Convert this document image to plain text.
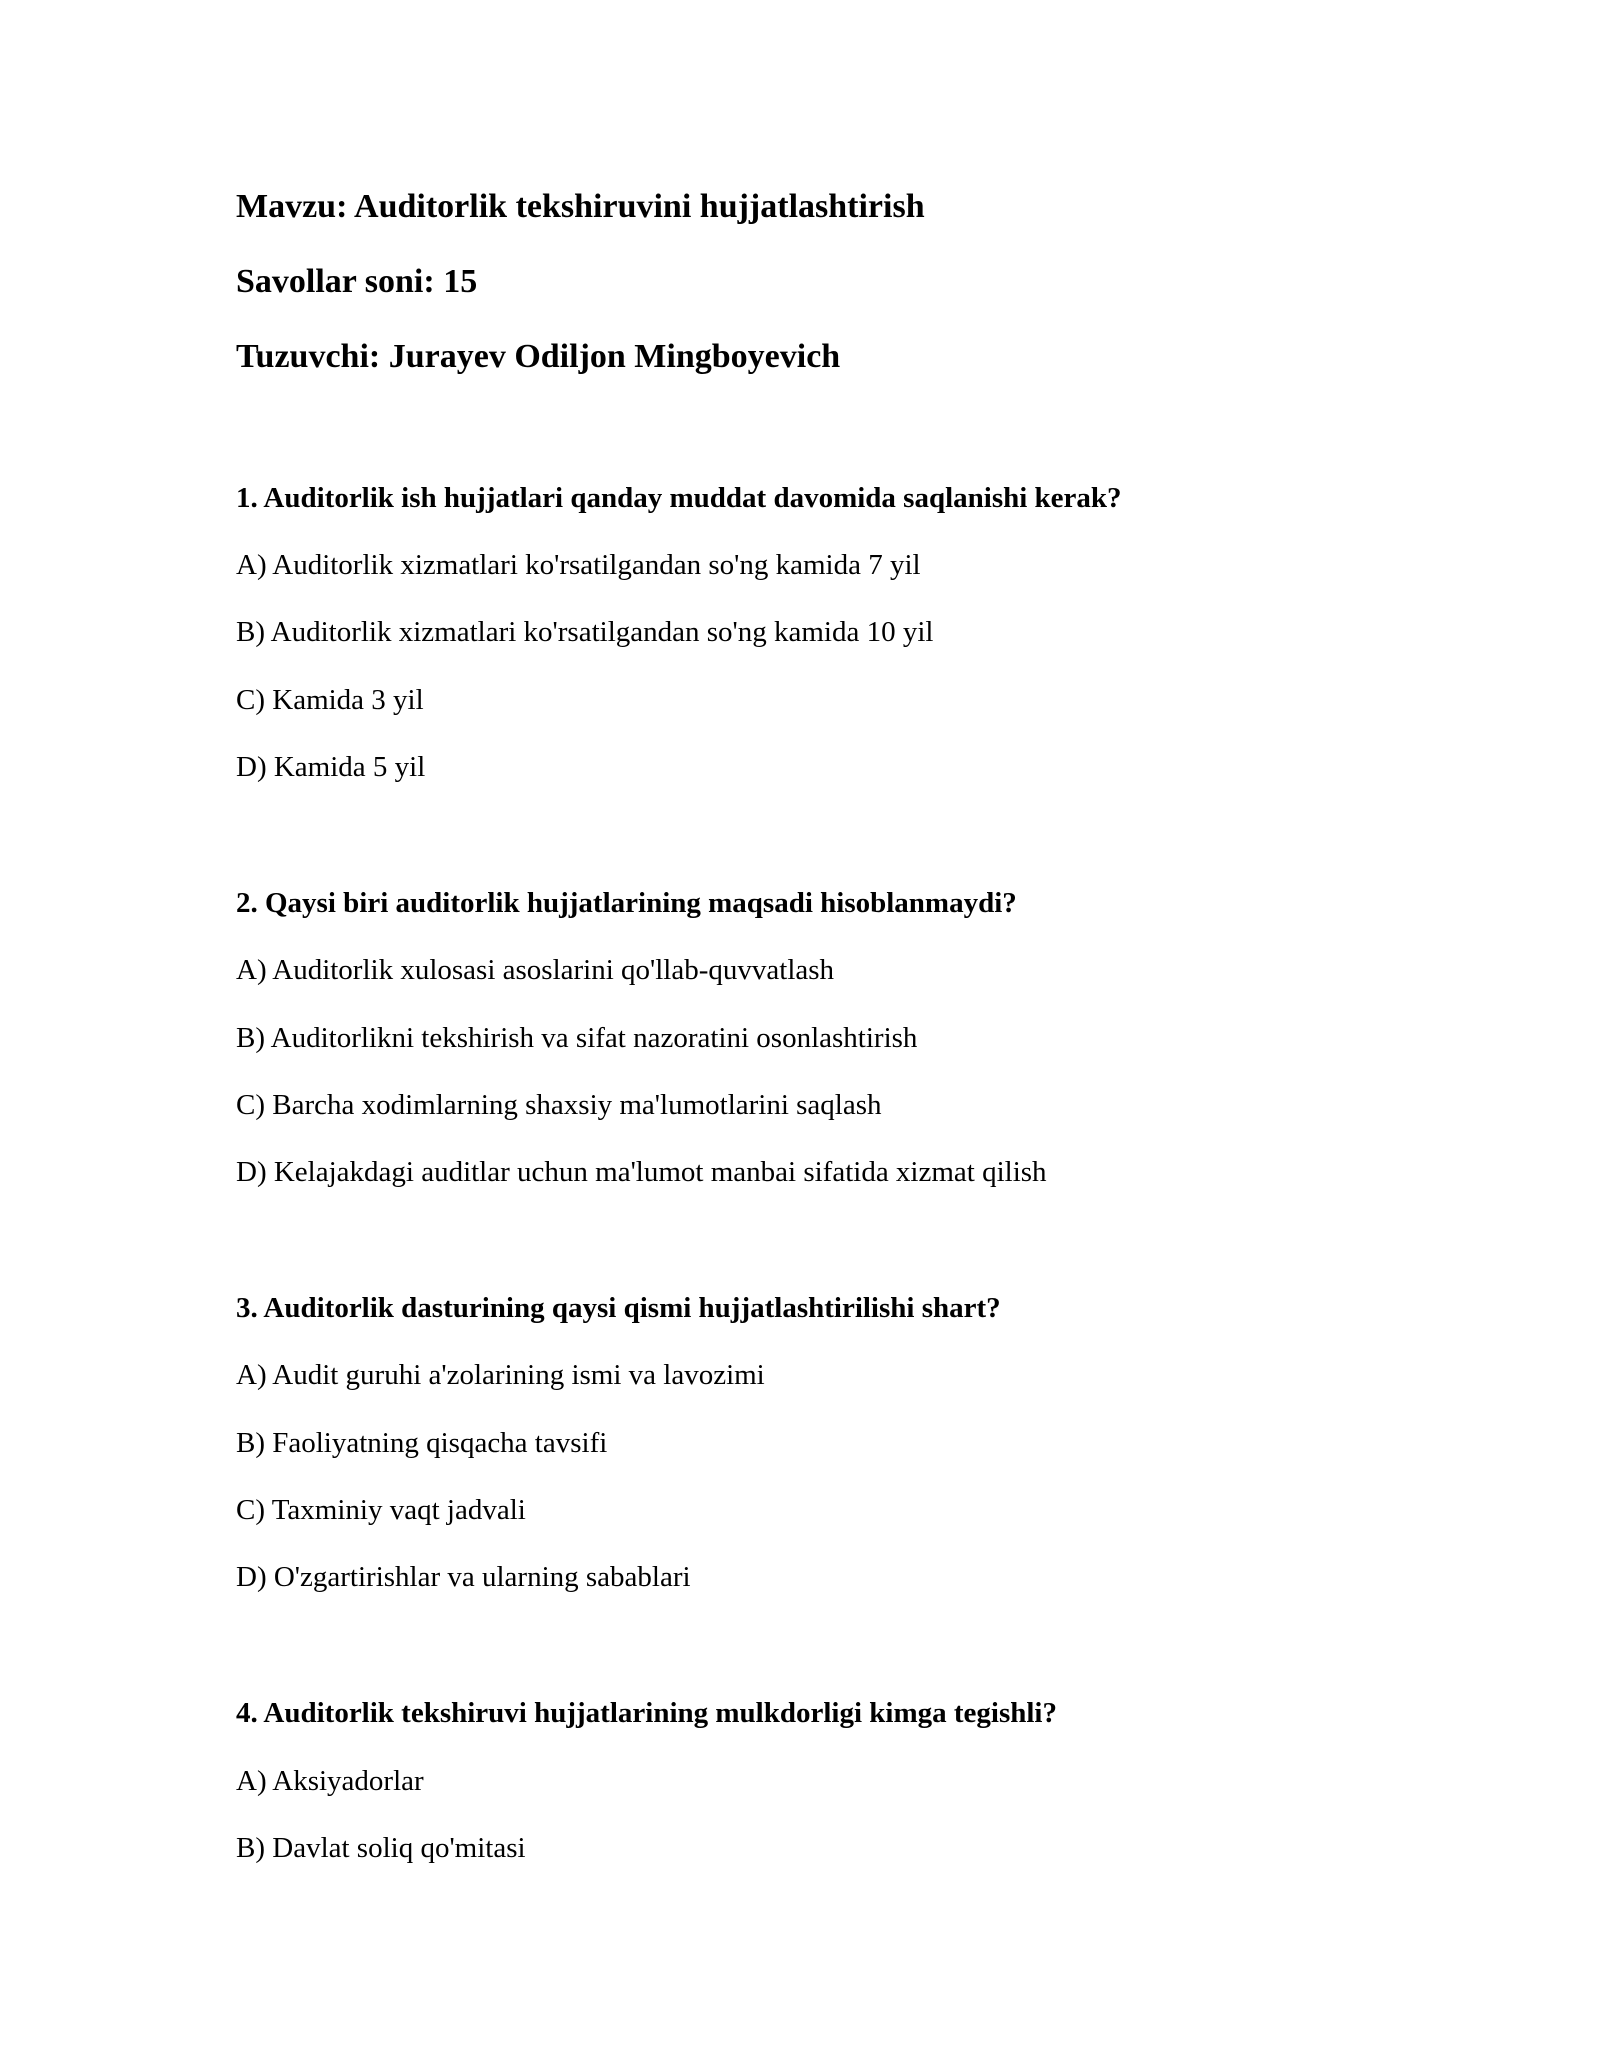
Mavzu: Auditorlik tekshiruvini hujjatlashtirish
Savollar soni: 15
Tuzuvchi: Jurayev Odiljon Mingboyevich
1. Auditorlik ish hujjatlari qanday muddat davomida saqlanishi kerak?
A) Auditorlik xizmatlari ko'rsatilgandan so'ng kamida 7 yil
B) Auditorlik xizmatlari ko'rsatilgandan so'ng kamida 10 yil
C) Kamida 3 yil
D) Kamida 5 yil
2. Qaysi biri auditorlik hujjatlarining maqsadi hisoblanmaydi?
A) Auditorlik xulosasi asoslarini qo'llab-quvvatlash
B) Auditorlikni tekshirish va sifat nazoratini osonlashtirish
C) Barcha xodimlarning shaxsiy ma'lumotlarini saqlash
D) Kelajakdagi auditlar uchun ma'lumot manbai sifatida xizmat qilish
3. Auditorlik dasturining qaysi qismi hujjatlashtirilishi shart?
A) Audit guruhi a'zolarining ismi va lavozimi
B) Faoliyatning qisqacha tavsifi
C) Taxminiy vaqt jadvali
D) O'zgartirishlar va ularning sabablari
4. Auditorlik tekshiruvi hujjatlarining mulkdorligi kimga tegishli?
A) Aksiyadorlar
B) Davlat soliq qo'mitasi
